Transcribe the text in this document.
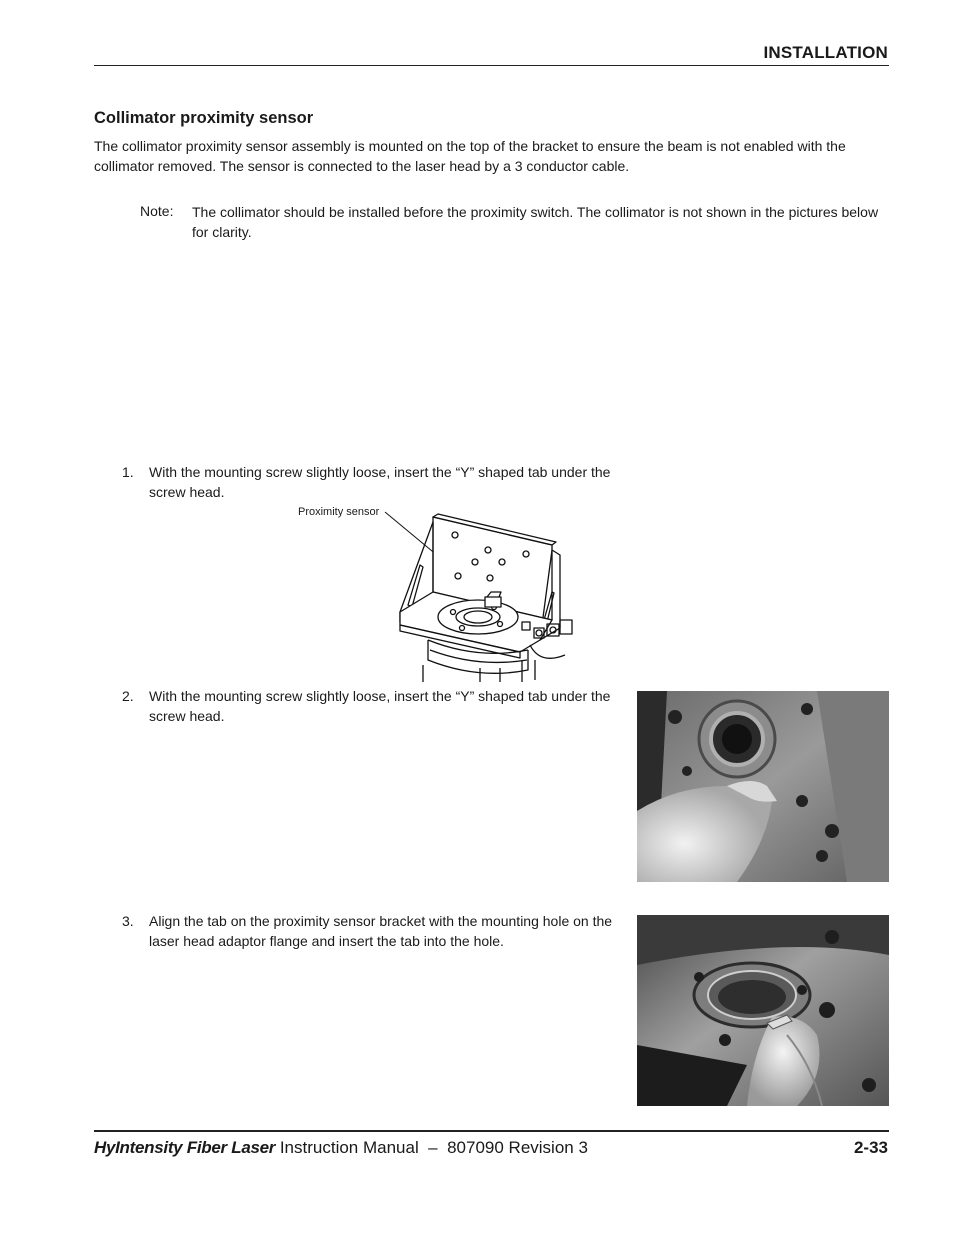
INSTALLATION
Collimator proximity sensor
The collimator proximity sensor assembly is mounted on the top of the bracket to ensure the beam is not enabled with the collimator removed. The sensor is connected to the laser head by a 3 conductor cable.
Note: The collimator should be installed before the proximity switch. The collimator is not shown in the pictures below for clarity.
1. With the mounting screw slightly loose, insert the “Y” shaped tab under the screw head.
Proximity sensor
2. With the mounting screw slightly loose, insert the “Y” shaped tab under the screw head.
3. Align the tab on the proximity sensor bracket with the mounting hole on the laser head adaptor flange and insert the tab into the hole.
HyIntensity Fiber Laser Instruction Manual  –  807090 Revision 3	2-33
